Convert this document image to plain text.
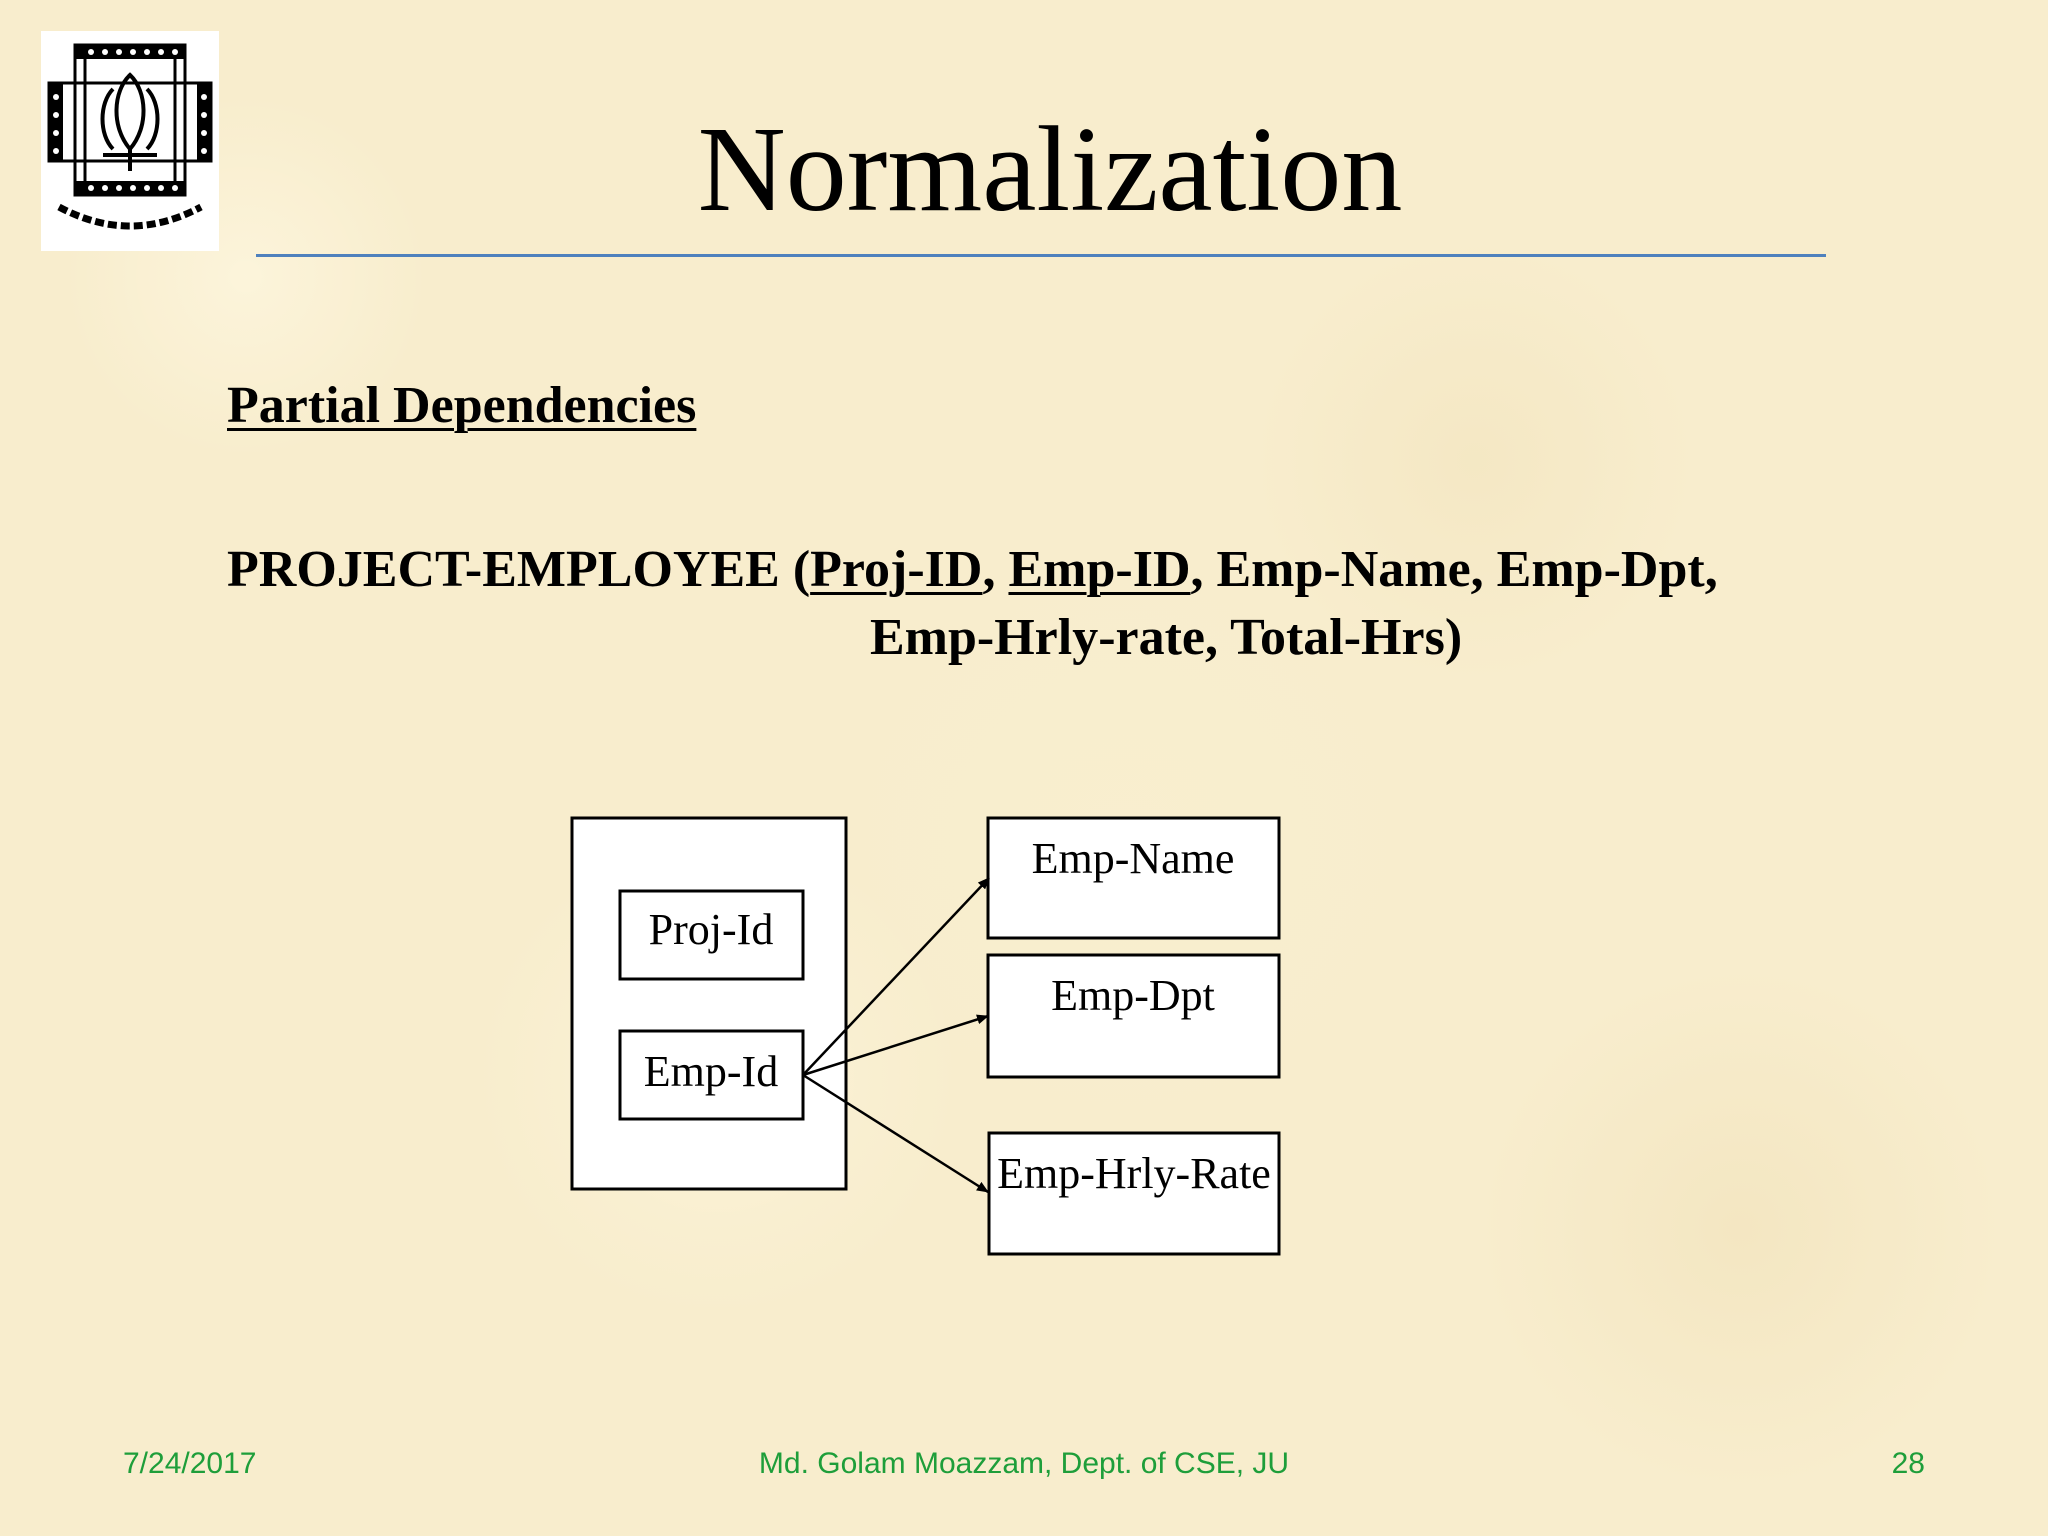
Normalization
Partial Dependencies
PROJECT-EMPLOYEE (Proj-ID, Emp-ID, Emp-Name, Emp-Dpt,
Emp-Hrly-rate, Total-Hrs)
Proj-Id
Emp-Id
Emp-Name
Emp-Dpt
Emp-Hrly-Rate
7/24/2017	Md. Golam Moazzam, Dept. of CSE, JU	28
